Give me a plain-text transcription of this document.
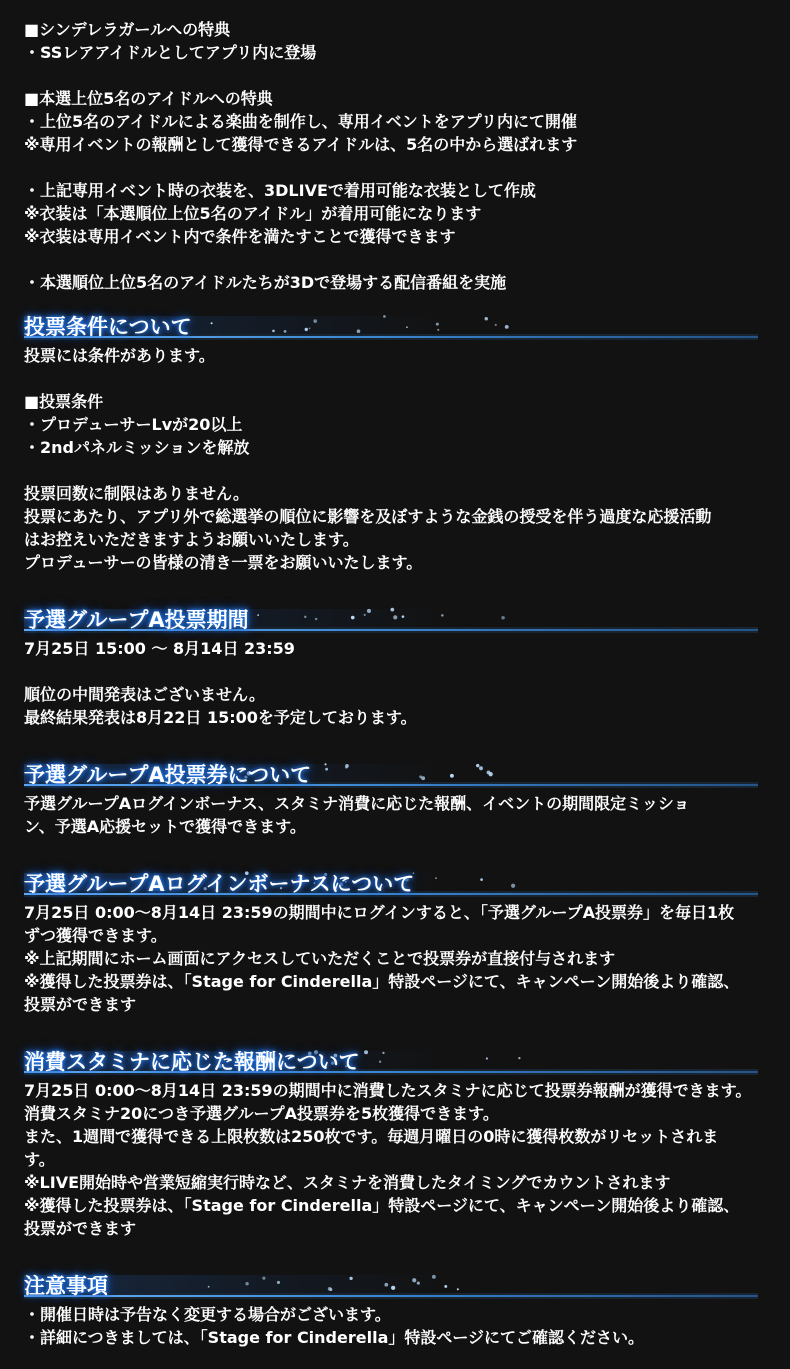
■シンデレラガールへの特典
・SSレアアイドルとしてアプリ内に登場
■本選上位5名のアイドルへの特典
・上位5名のアイドルによる楽曲を制作し、専用イベントをアプリ内にて開催
※専用イベントの報酬として獲得できるアイドルは、5名の中から選ばれます
・上記専用イベント時の衣装を、3DLIVEで着用可能な衣装として作成
※衣装は「本選順位上位5名のアイドル」が着用可能になります
※衣装は専用イベント内で条件を満たすことで獲得できます
・本選順位上位5名のアイドルたちが3Dで登場する配信番組を実施
投票条件について
投票には条件があります。
■投票条件
・プロデューサーLvが20以上
・2ndパネルミッションを解放
投票回数に制限はありません。
投票にあたり、アプリ外で総選挙の順位に影響を及ぼすような金銭の授受を伴う過度な応援活動
はお控えいただきますようお願いいたします。
プロデューサーの皆様の清き一票をお願いいたします。
予選グループA投票期間
7月25日 15:00 〜 8月14日 23:59
順位の中間発表はございません。
最終結果発表は8月22日 15:00を予定しております。
予選グループA投票券について
予選グループAログインボーナス、スタミナ消費に応じた報酬、イベントの期間限定ミッショ
ン、予選A応援セットで獲得できます。
予選グループAログインボーナスについて
7月25日 0:00〜8月14日 23:59の期間中にログインすると、「予選グループA投票券」を毎日1枚
ずつ獲得できます。
※上記期間にホーム画面にアクセスしていただくことで投票券が直接付与されます
※獲得した投票券は、「Stage for Cinderella」特設ページにて、キャンペーン開始後より確認、
投票ができます
消費スタミナに応じた報酬について
7月25日 0:00〜8月14日 23:59の期間中に消費したスタミナに応じて投票券報酬が獲得できます。
消費スタミナ20につき予選グループA投票券を5枚獲得できます。
また、1週間で獲得できる上限枚数は250枚です。毎週月曜日の0時に獲得枚数がリセットされま
す。
※LIVE開始時や営業短縮実行時など、スタミナを消費したタイミングでカウントされます
※獲得した投票券は、「Stage for Cinderella」特設ページにて、キャンペーン開始後より確認、
投票ができます
注意事項
・開催日時は予告なく変更する場合がございます。
・詳細につきましては、「Stage for Cinderella」特設ページにてご確認ください。
